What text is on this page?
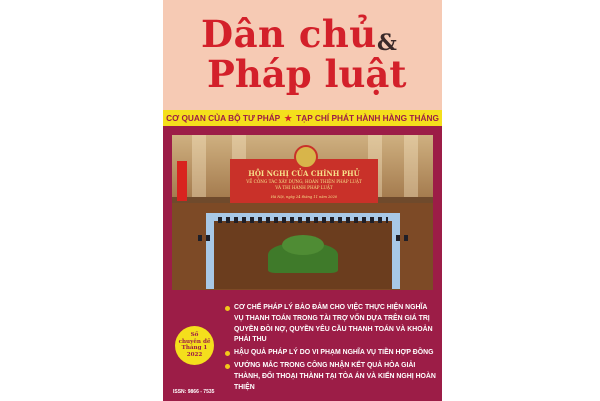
Dân chủ &
Pháp luật
CƠ QUAN CỦA BỘ TƯ PHÁP ★ TẠP CHÍ PHÁT HÀNH HÀNG THÁNG
HỘI NGHỊ CỦA CHÍNH PHỦ
VỀ CÔNG TÁC XÂY DỰNG, HOÀN THIỆN PHÁP LUẬT
VÀ THI HÀNH PHÁP LUẬT
Hà Nội, ngày 24 tháng 11 năm 2020
CƠ CHẾ PHÁP LÝ BẢO ĐẢM CHO VIỆC THỰC HIỆN NGHĨA VỤ THANH TOÁN TRONG TÀI TRỢ VỐN DỰA TRÊN GIÁ TRỊ QUYỀN ĐÒI NỢ, QUYỀN YÊU CẦU THANH TOÁN VÀ KHOẢN PHẢI THU
HẬU QUẢ PHÁP LÝ DO VI PHẠM NGHĨA VỤ TIỀN HỢP ĐỒNG
VƯỚNG MẮC TRONG CÔNG NHẬN KẾT QUẢ HÒA GIẢI THÀNH, ĐỐI THOẠI THÀNH TẠI TÒA ÁN VÀ KIẾN NGHỊ HOÀN THIỆN
Số
chuyên đề
Tháng 1
2022
ISSN: 9866 - 7535
